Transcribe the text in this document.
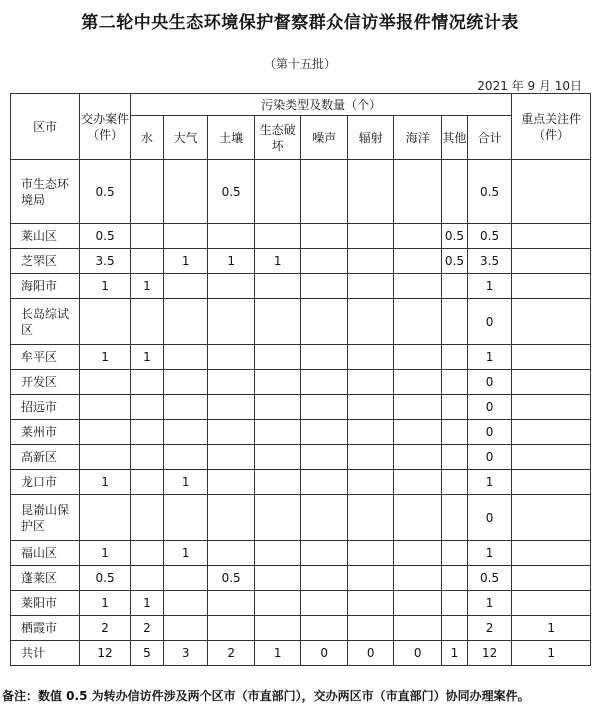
第二轮中央生态环境保护督察群众信访举报件情况统计表
（第十五批）
2021 年 9 月 10日
区市	交办案件（件）	污染类型及数量（个）									重点关注件（件）
		水	大气	土壤	生态破坏	噪声	辐射	海洋	其他	合计	

市生态环境局	0.5			0.5						0.5	
莱山区	0.5								0.5	0.5	
芝罘区	3.5		1	1	1				0.5	3.5	
海阳市	1	1								1	
长岛综试区										0	
牟平区	1	1								1	
开发区										0	
招远市										0	
莱州市										0	
高新区										0	
龙口市	1		1							1	
昆嵛山保护区										0	
福山区	1		1							1	
蓬莱区	0.5			0.5						0.5	
莱阳市	1	1								1	
栖霞市	2	2								2	1
共计	12	5	3	2	1	0	0	0	1	12	1
备注：数值 0.5 为转办信访件涉及两个区市（市直部门），交办两区市（市直部门）协同办理案件。
